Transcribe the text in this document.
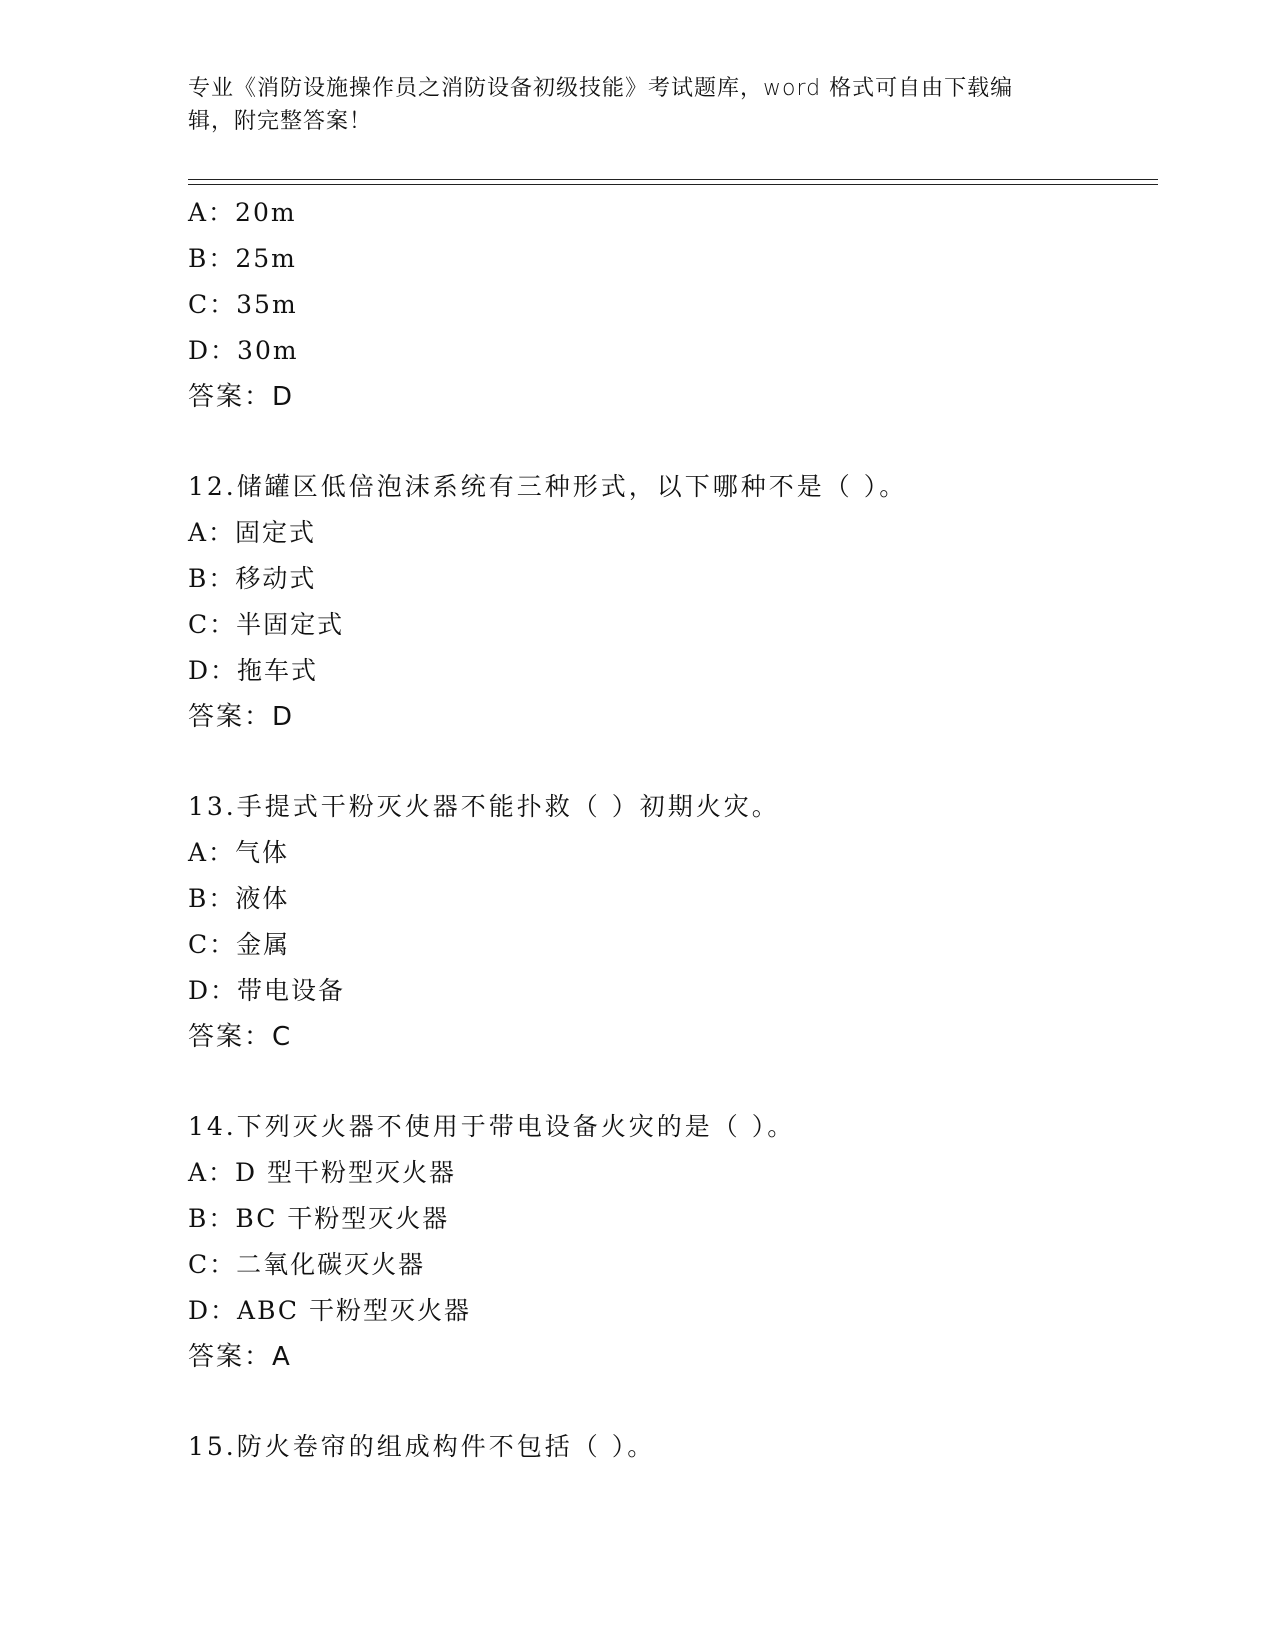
专业《消防设施操作员之消防设备初级技能》考试题库，word 格式可自由下载编
辑，附完整答案！
A：20m
B：25m
C：35m
D：30m
答案：D
12.储罐区低倍泡沫系统有三种形式，以下哪种不是（ ）。
A：固定式
B：移动式
C：半固定式
D：拖车式
答案：D
13.手提式干粉灭火器不能扑救（ ）初期火灾。
A：气体
B：液体
C：金属
D：带电设备
答案：C
14.下列灭火器不使用于带电设备火灾的是（ ）。
A：D 型干粉型灭火器
B：BC 干粉型灭火器
C：二氧化碳灭火器
D：ABC 干粉型灭火器
答案：A
15.防火卷帘的组成构件不包括（ ）。
